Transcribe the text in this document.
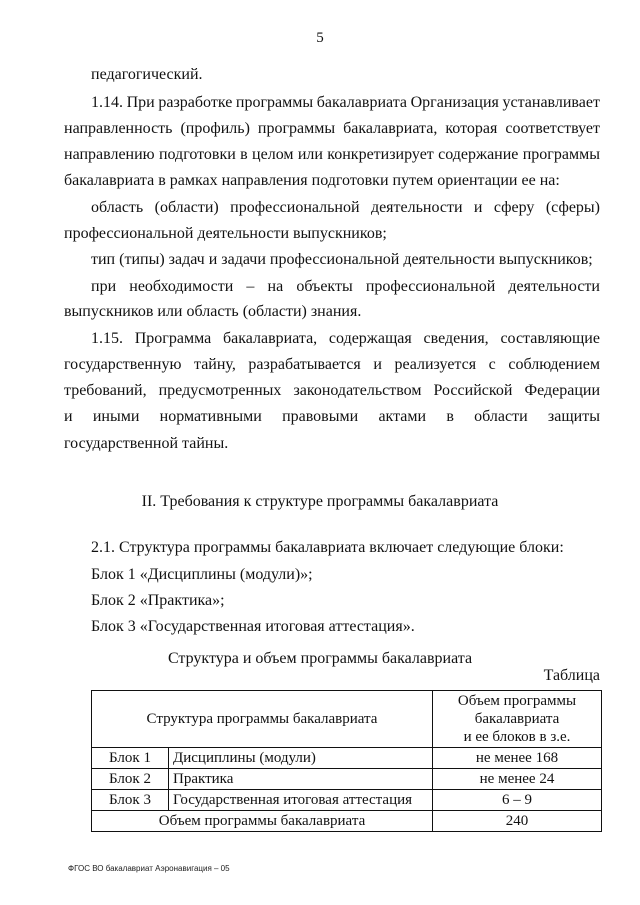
5
педагогический.
1.14. При разработке программы бакалавриата Организация устанавливает
направленность (профиль) программы бакалавриата, которая соответствует
направлению подготовки в целом или конкретизирует содержание программы
бакалавриата в рамках направления подготовки путем ориентации ее на:
область (области) профессиональной деятельности и сферу (сферы)
профессиональной деятельности выпускников;
тип (типы) задач и задачи профессиональной деятельности выпускников;
при необходимости – на объекты профессиональной деятельности
выпускников или область (области) знания.
1.15. Программа бакалавриата, содержащая сведения, составляющие
государственную тайну, разрабатывается и реализуется с соблюдением
требований, предусмотренных законодательством Российской Федерации
и иными нормативными правовыми актами в области защиты
государственной тайны.
II. Требования к структуре программы бакалавриата
2.1. Структура программы бакалавриата включает следующие блоки:
Блок 1 «Дисциплины (модули)»;
Блок 2 «Практика»;
Блок 3 «Государственная итоговая аттестация».
Структура и объем программы бакалавриата
Таблица
Структура программы бакалавриата		Объем программы
бакалавриата
и ее блоков в з.е.

Блок 1	Дисциплины (модули)	не менее 168
Блок 2	Практика	не менее 24
Блок 3	Государственная итоговая аттестация	6 – 9
Объем программы бакалавриата		240
ФГОС ВО бакалавриат Аэронавигация – 05
